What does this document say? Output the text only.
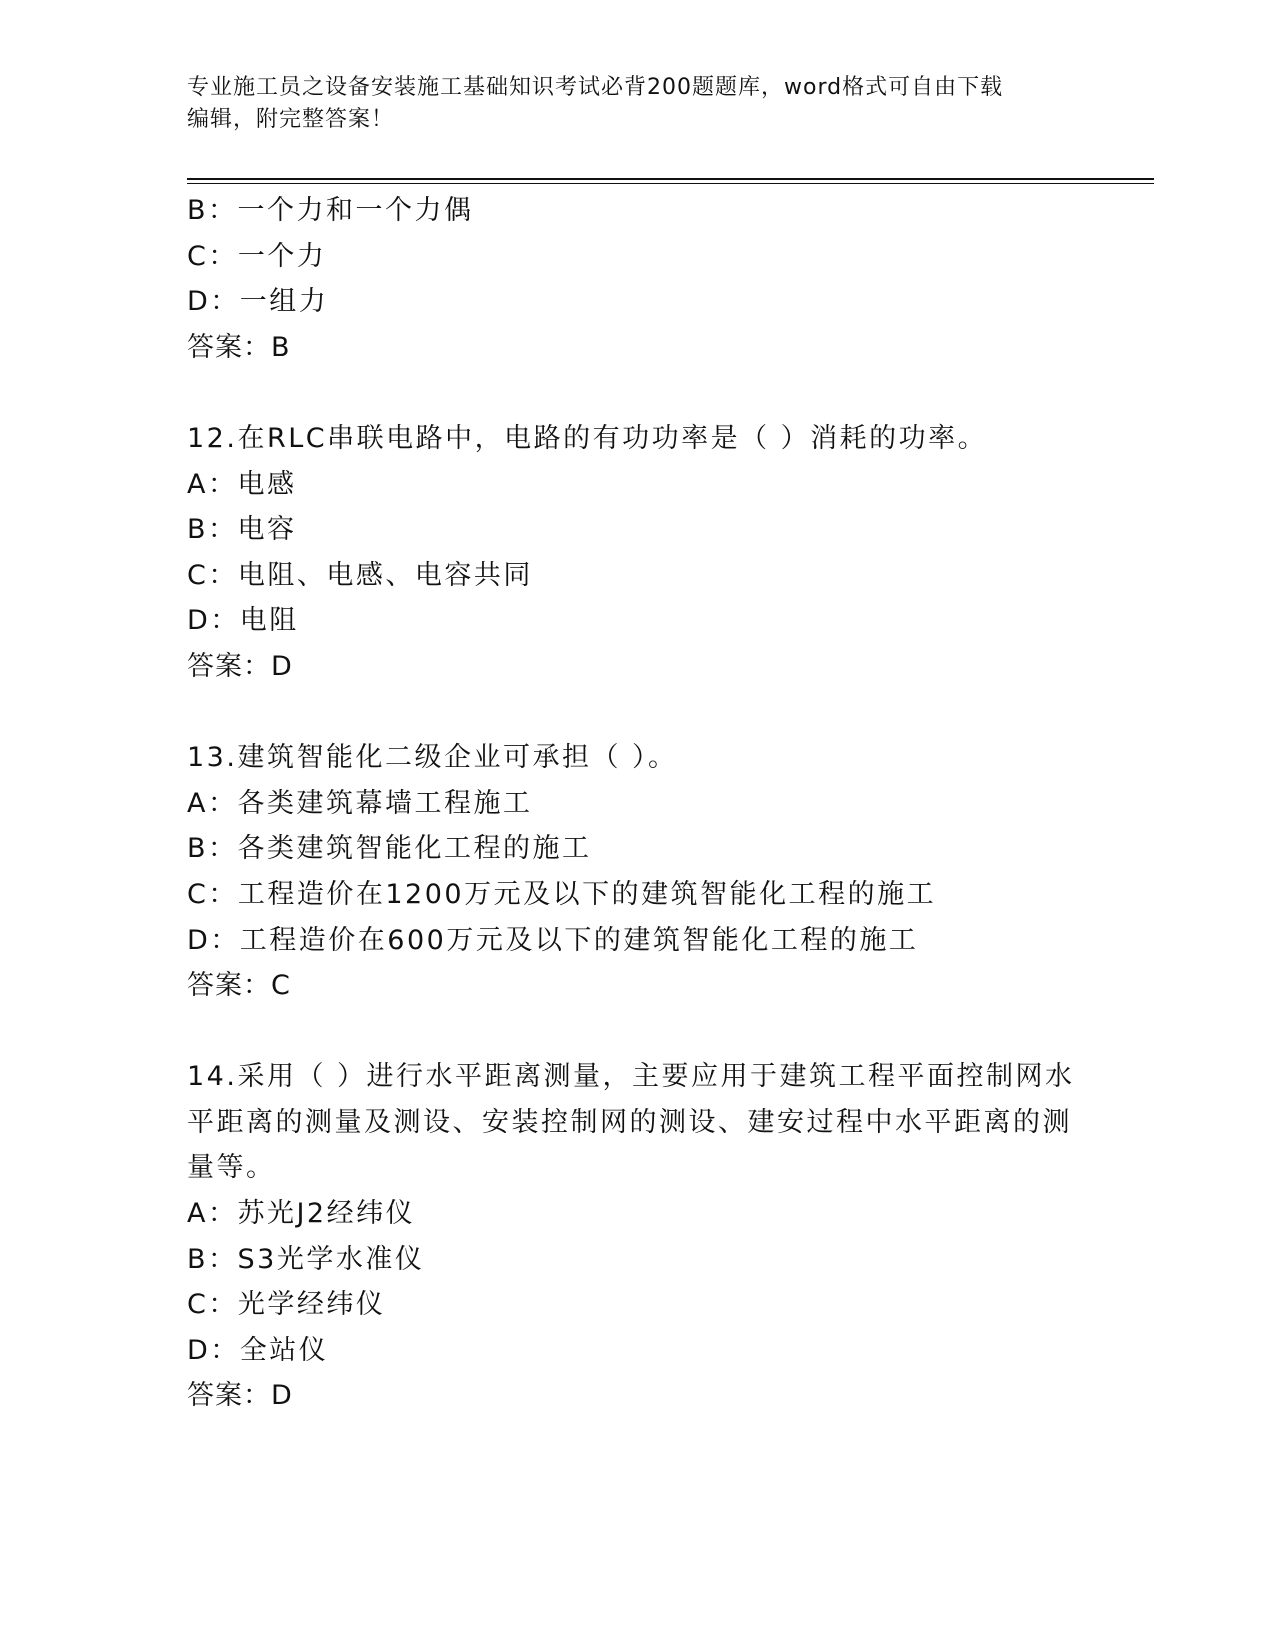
专业施工员之设备安装施工基础知识考试必背200题题库，word格式可自由下载
编辑，附完整答案！
B：一个力和一个力偶
C：一个力
D：一组力
答案：B
12.在RLC串联电路中，电路的有功功率是（ ）消耗的功率。
A：电感
B：电容
C：电阻、电感、电容共同
D：电阻
答案：D
13.建筑智能化二级企业可承担（ ）。
A：各类建筑幕墙工程施工
B：各类建筑智能化工程的施工
C：工程造价在1200万元及以下的建筑智能化工程的施工
D：工程造价在600万元及以下的建筑智能化工程的施工
答案：C
14.采用（ ）进行水平距离测量，主要应用于建筑工程平面控制网水平距离的测量及测设、安装控制网的测设、建安过程中水平距离的测量等。
A：苏光J2经纬仪
B：S3光学水准仪
C：光学经纬仪
D：全站仪
答案：D
